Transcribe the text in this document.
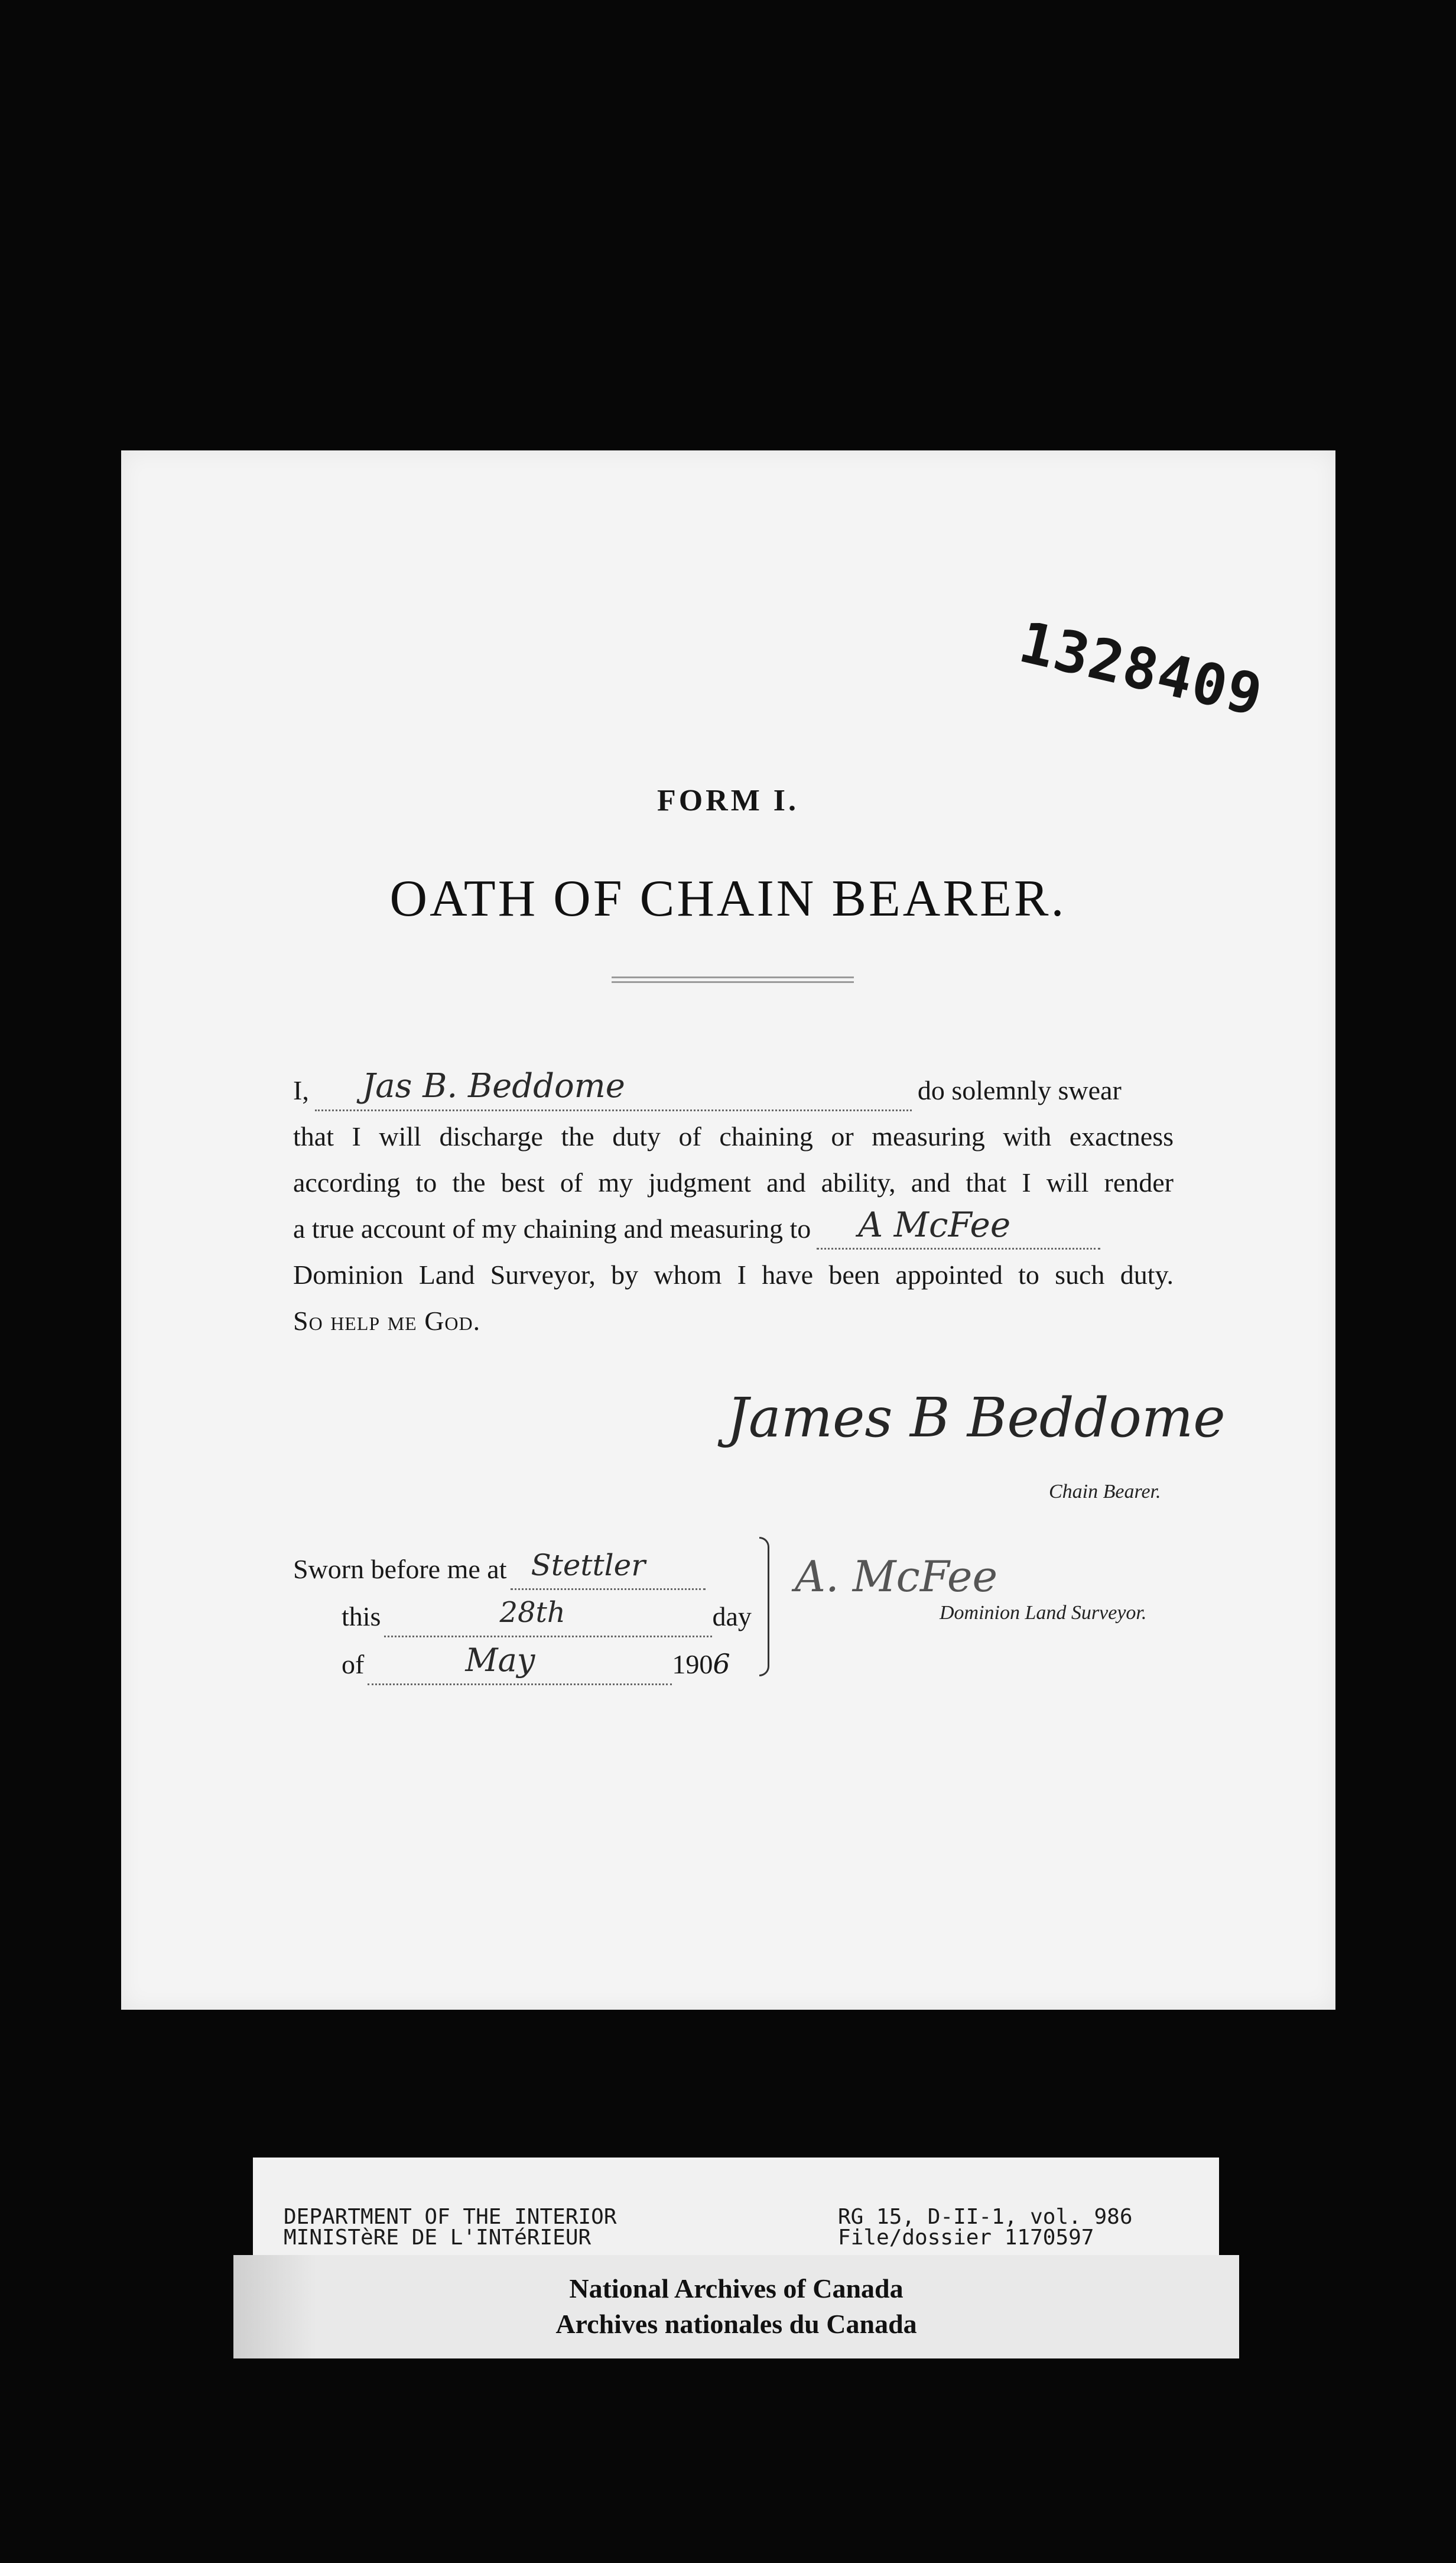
1328409
FORM I.
OATH OF CHAIN BEARER.
I, Jas B. Beddome	do solemnly swear
that I will discharge the duty of chaining or measuring with exactness
according to the best of my judgment and ability, and that I will render
a true account of my chaining and measuring to A McFee
Dominion Land Surveyor, by whom I have been appointed to such duty.
So help me God.
James B Beddome
Chain Bearer.
Sworn before me at Stettler
this	28th	day
of	May	1906
A. McFee
Dominion Land Surveyor.
DEPARTMENT OF THE INTERIOR
MINISTèRE DE L'INTéRIEUR
RG 15, D-II-1, vol. 986
File/dossier 1170597
National Archives of Canada
Archives nationales du Canada
